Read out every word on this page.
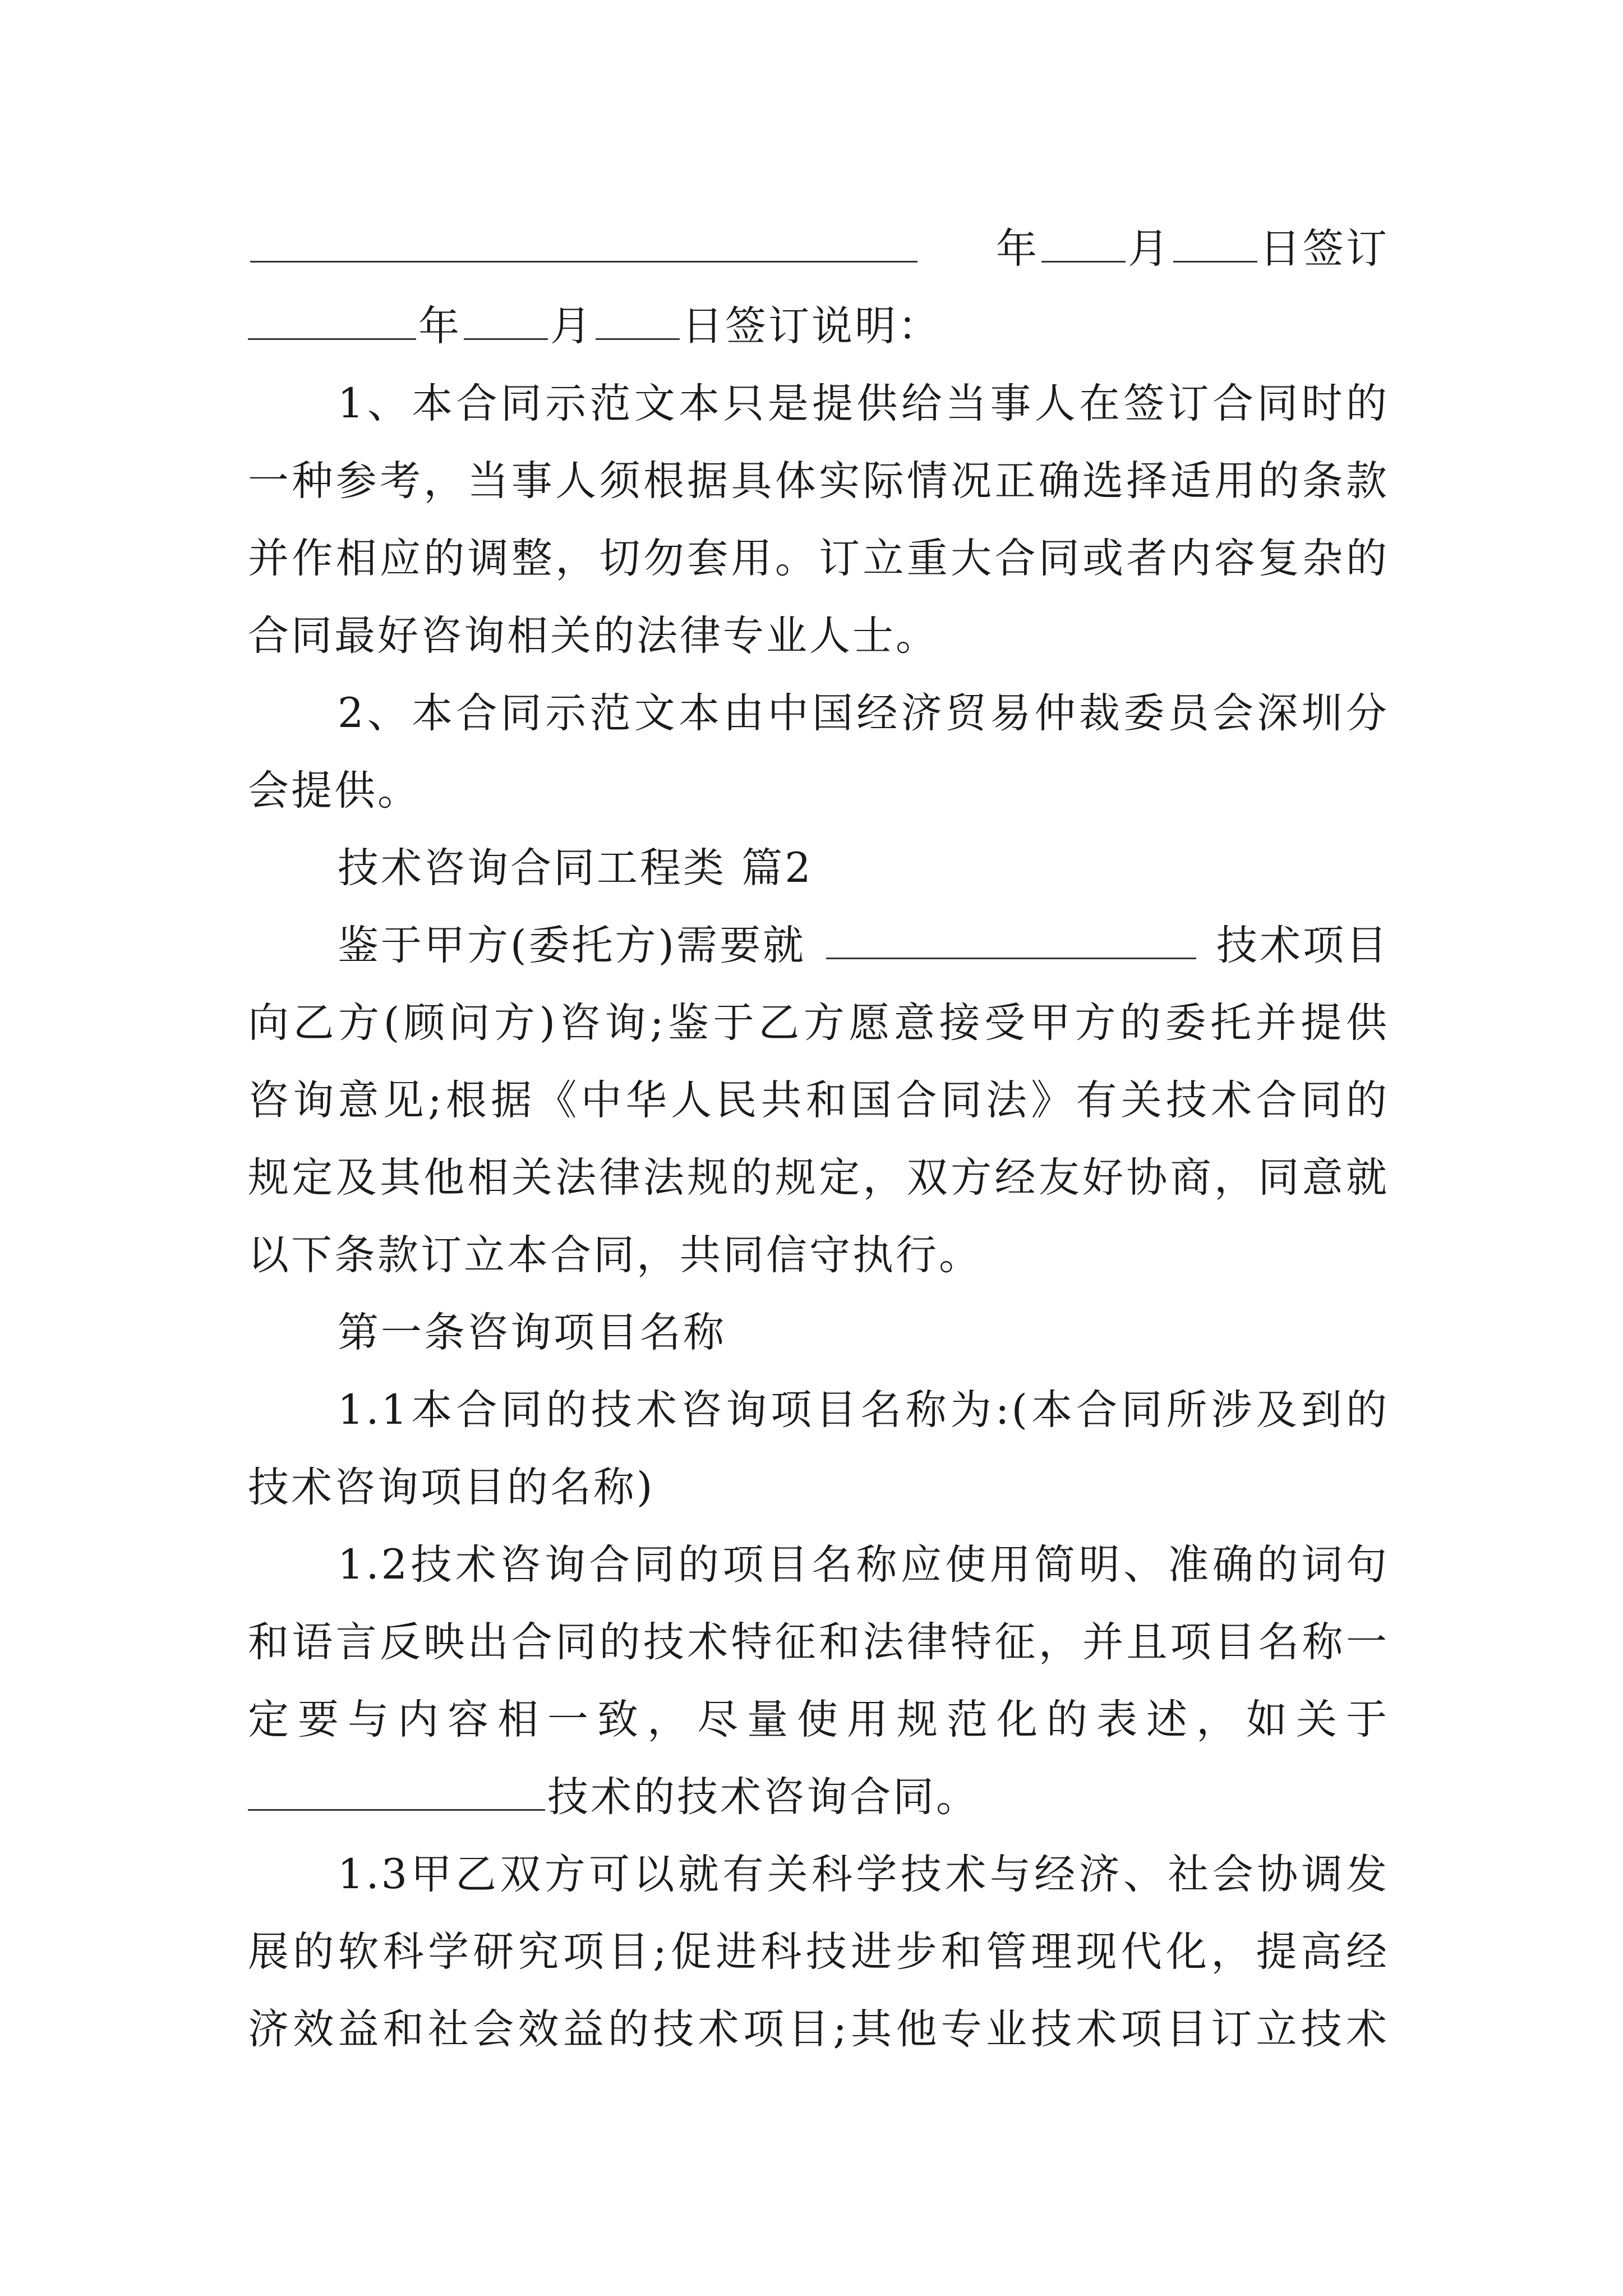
年 月 日签订
年 月 日签订说明：
1、本合同示范文本只是提供给当事人在签订合同时的
一种参考，当事人须根据具体实际情况正确选择适用的条款
并作相应的调整，切勿套用。订立重大合同或者内容复杂的
合同最好咨询相关的法律专业人士。
2、本合同示范文本由中国经济贸易仲裁委员会深圳分
会提供。
技术咨询合同工程类 篇2
鉴于甲方(委托方)需要就	技术项目
向乙方(顾问方)咨询;鉴于乙方愿意接受甲方的委托并提供
咨询意见;根据《中华人民共和国合同法》有关技术合同的
规定及其他相关法律法规的规定，双方经友好协商，同意就
以下条款订立本合同，共同信守执行。
第一条咨询项目名称
1.1本合同的技术咨询项目名称为:(本合同所涉及到的
技术咨询项目的名称)
1.2技术咨询合同的项目名称应使用简明、准确的词句
和语言反映出合同的技术特征和法律特征，并且项目名称一
定要与内容相一致，尽量使用规范化的表述，如关于
技术的技术咨询合同。
1.3甲乙双方可以就有关科学技术与经济、社会协调发
展的软科学研究项目;促进科技进步和管理现代化，提高经
济效益和社会效益的技术项目;其他专业技术项目订立技术
